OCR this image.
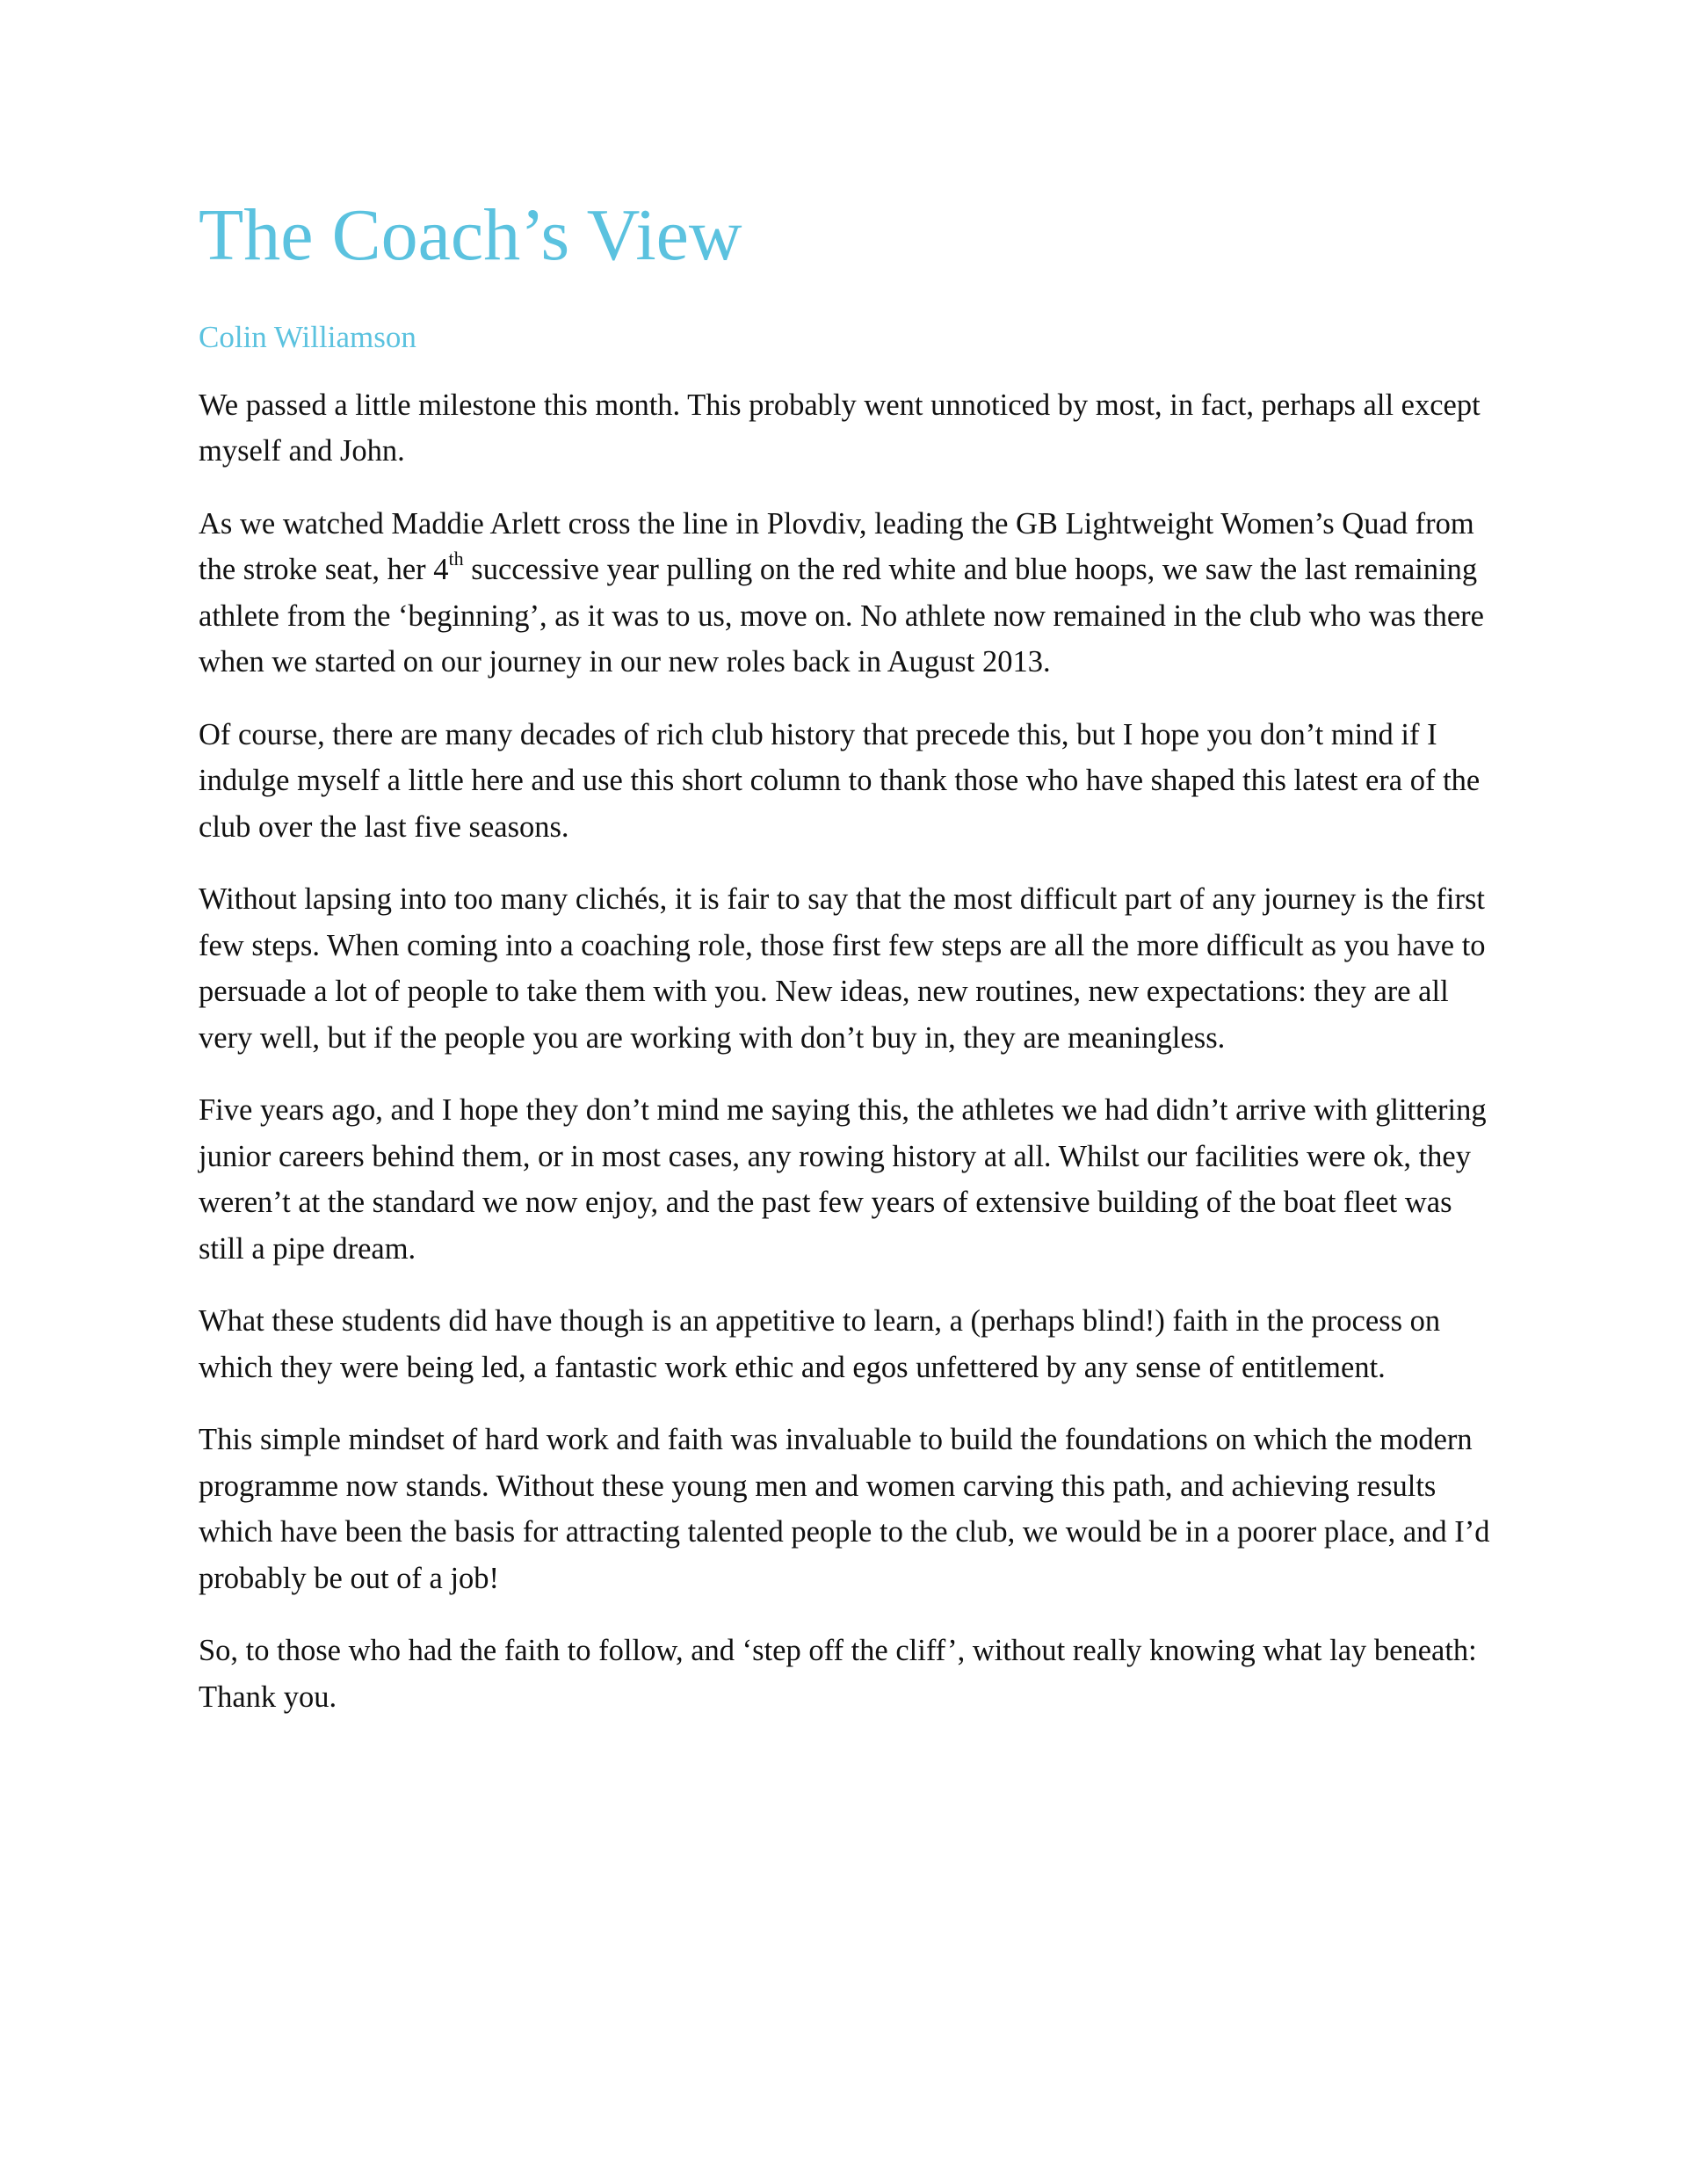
The Coach’s View
Colin Williamson

We passed a little milestone this month. This probably went unnoticed by most, in fact, perhaps all except myself and John.

As we watched Maddie Arlett cross the line in Plovdiv, leading the GB Lightweight Women’s Quad from the stroke seat, her 4th successive year pulling on the red white and blue hoops, we saw the last remaining athlete from the ‘beginning’, as it was to us, move on. No athlete now remained in the club who was there when we started on our journey in our new roles back in August 2013.

Of course, there are many decades of rich club history that precede this, but I hope you don’t mind if I indulge myself a little here and use this short column to thank those who have shaped this latest era of the club over the last five seasons.

Without lapsing into too many clichés, it is fair to say that the most difficult part of any journey is the first few steps. When coming into a coaching role, those first few steps are all the more difficult as you have to persuade a lot of people to take them with you. New ideas, new routines, new expectations: they are all very well, but if the people you are working with don’t buy in, they are meaningless.

Five years ago, and I hope they don’t mind me saying this, the athletes we had didn’t arrive with glittering junior careers behind them, or in most cases, any rowing history at all. Whilst our facilities were ok, they weren’t at the standard we now enjoy, and the past few years of extensive building of the boat fleet was still a pipe dream.

What these students did have though is an appetitive to learn, a (perhaps blind!) faith in the process on which they were being led, a fantastic work ethic and egos unfettered by any sense of entitlement.

This simple mindset of hard work and faith was invaluable to build the foundations on which the modern programme now stands. Without these young men and women carving this path, and achieving results which have been the basis for attracting talented people to the club, we would be in a poorer place, and I’d probably be out of a job!

So, to those who had the faith to follow, and ‘step off the cliff’, without really knowing what lay beneath: Thank you.
